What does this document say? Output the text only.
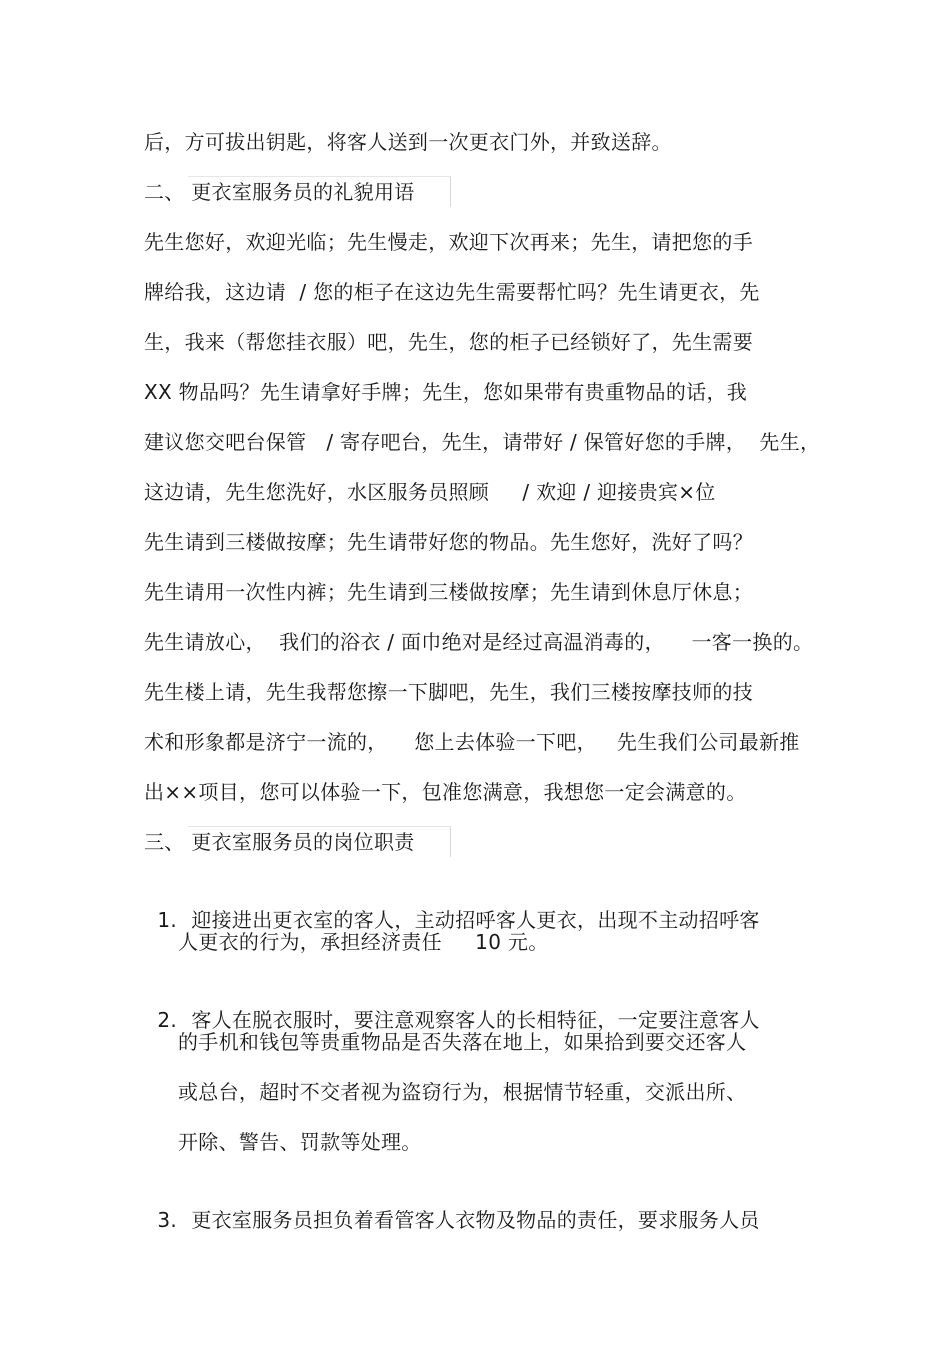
后，方可拔出钥匙，将客人送到一次更衣门外，并致送辞。
二、 更衣室服务员的礼貌用语
先生您好，欢迎光临；先生慢走，欢迎下次再来；先生，请把您的手
牌给我，这边请  / 您的柜子在这边先生需要帮忙吗？先生请更衣，先
生，我来（帮您挂衣服）吧，先生，您的柜子已经锁好了，先生需要
XX 物品吗？先生请拿好手牌；先生，您如果带有贵重物品的话，我
建议您交吧台保管   / 寄存吧台，先生，请带好 / 保管好您的手牌，  先生，
这边请，先生您洗好，水区服务员照顾     / 欢迎 / 迎接贵宾×位
先生请到三楼做按摩；先生请带好您的物品。先生您好，洗好了吗？
先生请用一次性内裤；先生请到三楼做按摩；先生请到休息厅休息；
先生请放心，  我们的浴衣 / 面巾绝对是经过高温消毒的，    一客一换的。
先生楼上请，先生我帮您擦一下脚吧，先生，我们三楼按摩技师的技
术和形象都是济宁一流的，    您上去体验一下吧，   先生我们公司最新推
出××项目，您可以体验一下，包准您满意，我想您一定会满意的。
三、 更衣室服务员的岗位职责

1. 迎接进出更衣室的客人，主动招呼客人更衣，出现不主动招呼客

人更衣的行为，承担经济责任     10 元。

2. 客人在脱衣服时，要注意观察客人的长相特征，一定要注意客人

的手机和钱包等贵重物品是否失落在地上，如果拾到要交还客人
或总台，超时不交者视为盗窃行为，根据情节轻重，交派出所、
开除、警告、罚款等处理。

3. 更衣室服务员担负着看管客人衣物及物品的责任，要求服务人员
